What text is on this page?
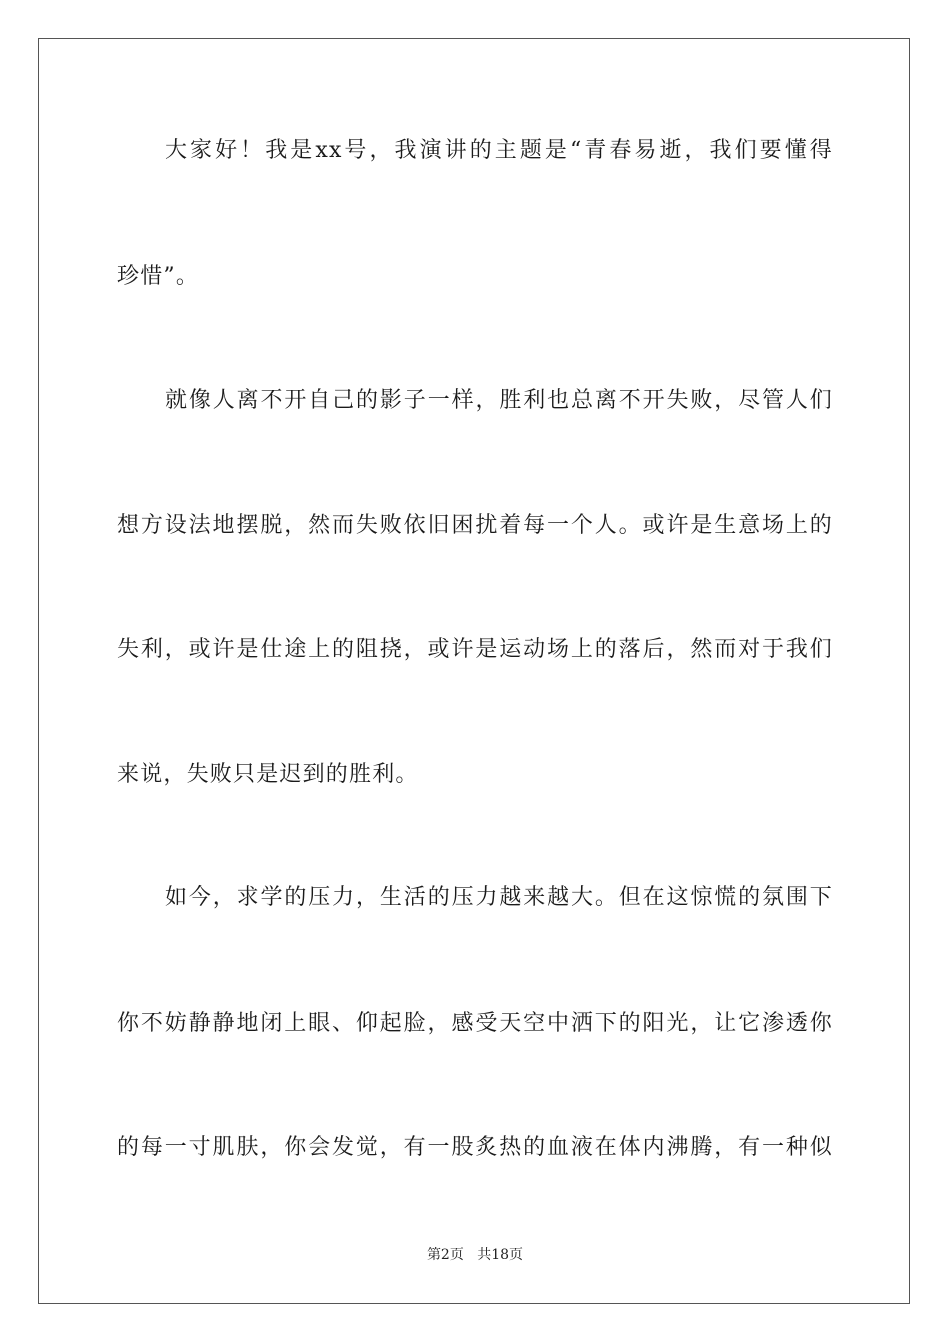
大家好！我是xx号，我演讲的主题是“青春易逝，我们要懂得
珍惜”。
就像人离不开自己的影子一样，胜利也总离不开失败，尽管人们
想方设法地摆脱，然而失败依旧困扰着每一个人。或许是生意场上的
失利，或许是仕途上的阻挠，或许是运动场上的落后，然而对于我们
来说，失败只是迟到的胜利。
如今，求学的压力，生活的压力越来越大。但在这惊慌的氛围下
你不妨静静地闭上眼、仰起脸，感受天空中洒下的阳光，让它渗透你
的每一寸肌肤，你会发觉，有一股炙热的血液在体内沸腾，有一种似
第2页 共18页
